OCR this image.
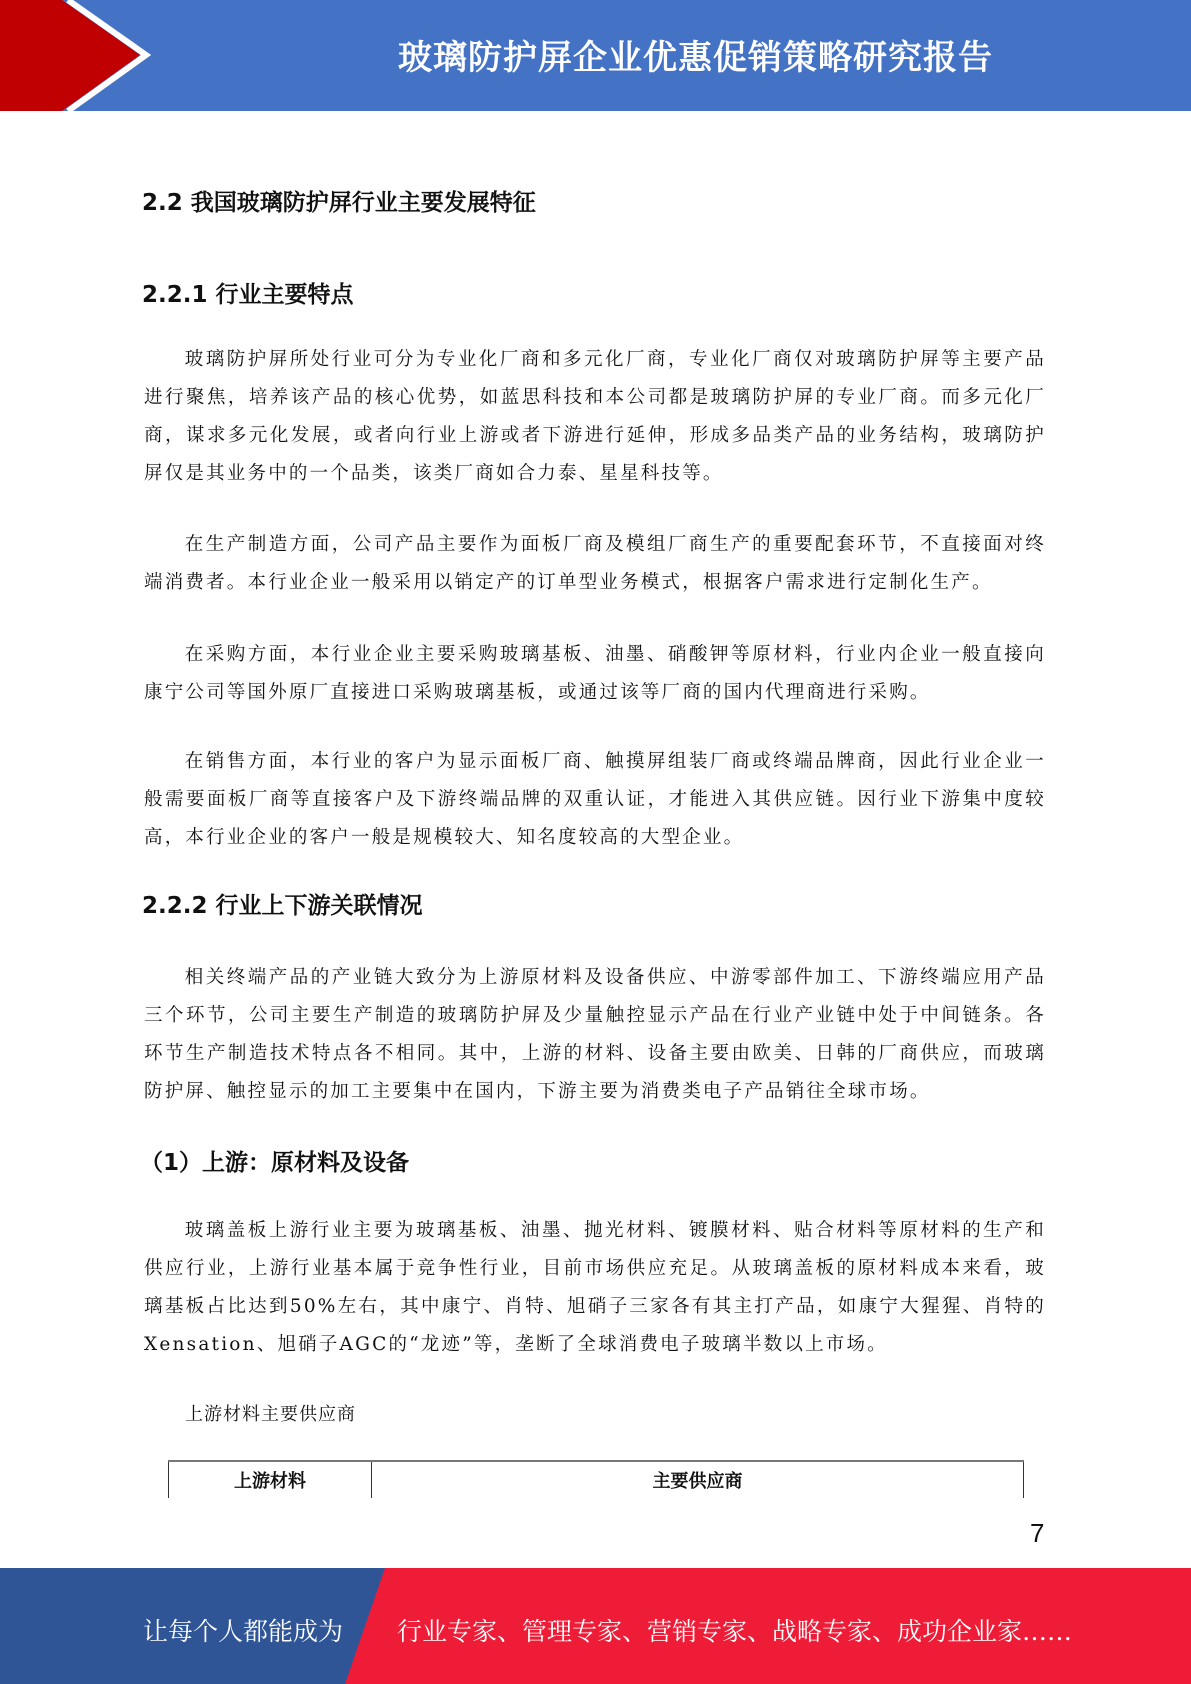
玻璃防护屏企业优惠促销策略研究报告
2.2 我国玻璃防护屏行业主要发展特征
2.2.1 行业主要特点
玻璃防护屏所处行业可分为专业化厂商和多元化厂商，专业化厂商仅对玻璃防护屏等主要产品进行聚焦，培养该产品的核心优势，如蓝思科技和本公司都是玻璃防护屏的专业厂商。而多元化厂商，谋求多元化发展，或者向行业上游或者下游进行延伸，形成多品类产品的业务结构，玻璃防护屏仅是其业务中的一个品类，该类厂商如合力泰、星星科技等。
在生产制造方面，公司产品主要作为面板厂商及模组厂商生产的重要配套环节，不直接面对终端消费者。本行业企业一般采用以销定产的订单型业务模式，根据客户需求进行定制化生产。
在采购方面，本行业企业主要采购玻璃基板、油墨、硝酸钾等原材料，行业内企业一般直接向康宁公司等国外原厂直接进口采购玻璃基板，或通过该等厂商的国内代理商进行采购。
在销售方面，本行业的客户为显示面板厂商、触摸屏组装厂商或终端品牌商，因此行业企业一般需要面板厂商等直接客户及下游终端品牌的双重认证，才能进入其供应链。因行业下游集中度较高，本行业企业的客户一般是规模较大、知名度较高的大型企业。
2.2.2 行业上下游关联情况
相关终端产品的产业链大致分为上游原材料及设备供应、中游零部件加工、下游终端应用产品三个环节，公司主要生产制造的玻璃防护屏及少量触控显示产品在行业产业链中处于中间链条。各环节生产制造技术特点各不相同。其中，上游的材料、设备主要由欧美、日韩的厂商供应，而玻璃防护屏、触控显示的加工主要集中在国内，下游主要为消费类电子产品销往全球市场。
（1）上游：原材料及设备
玻璃盖板上游行业主要为玻璃基板、油墨、抛光材料、镀膜材料、贴合材料等原材料的生产和供应行业，上游行业基本属于竞争性行业，目前市场供应充足。从玻璃盖板的原材料成本来看，玻璃基板占比达到50%左右，其中康宁、肖特、旭硝子三家各有其主打产品，如康宁大猩猩、肖特的Xensation、旭硝子AGC的“龙迹”等，垄断了全球消费电子玻璃半数以上市场。
上游材料主要供应商
上游材料	主要供应商
7
让每个人都能成为 行业专家、管理专家、营销专家、战略专家、成功企业家……
